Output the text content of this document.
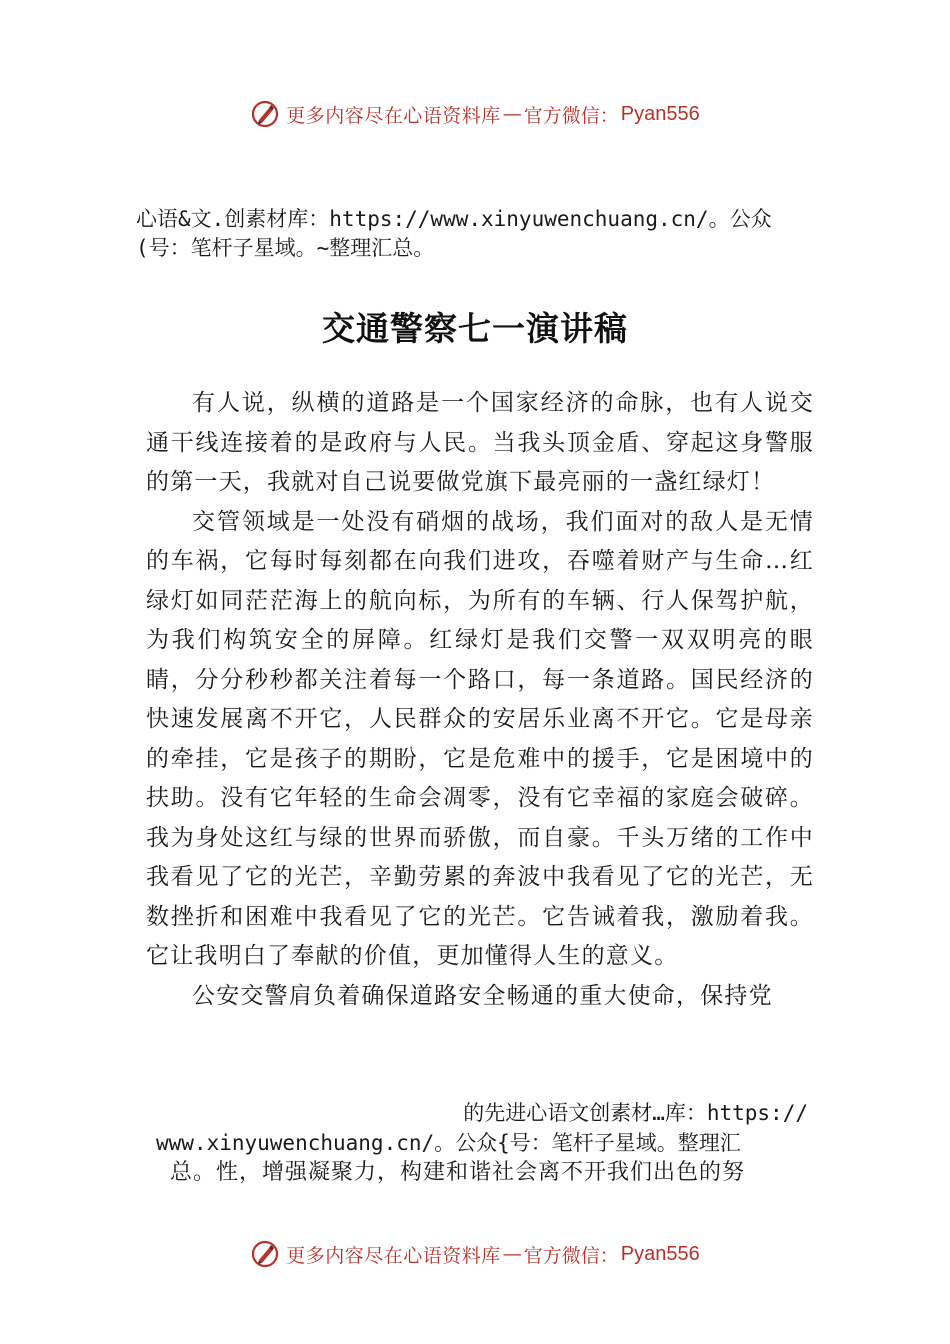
更多内容尽在心语资料库 — 官方微信： Pyan556
心语&文.创素材库：https://www.xinyuwenchuang.cn/。公众
(号：笔杆子星域。~整理汇总。
交通警察七一演讲稿

有人说，纵横的道路是一个国家经济的命脉，也有人说交通干线连接着的是政府与人民。当我头顶金盾、穿起这身警服的第一天，我就对自己说要做党旗下最亮丽的一盏红绿灯！

交管领域是一处没有硝烟的战场，我们面对的敌人是无情的车祸，它每时每刻都在向我们进攻，吞噬着财产与生命…红绿灯如同茫茫海上的航向标，为所有的车辆、行人保驾护航，为我们构筑安全的屏障。红绿灯是我们交警一双双明亮的眼睛，分分秒秒都关注着每一个路口，每一条道路。国民经济的快速发展离不开它，人民群众的安居乐业离不开它。它是母亲的牵挂，它是孩子的期盼，它是危难中的援手，它是困境中的扶助。没有它年轻的生命会凋零，没有它幸福的家庭会破碎。我为身处这红与绿的世界而骄傲，而自豪。千头万绪的工作中我看见了它的光芒，辛勤劳累的奔波中我看见了它的光芒，无数挫折和困难中我看见了它的光芒。它告诫着我，激励着我。它让我明白了奉献的价值，更加懂得人生的意义。

公安交警肩负着确保道路安全畅通的重大使命，保持党

的先进心语文创素材…库：https://
www.xinyuwenchuang.cn/。公众{号：笔杆子星域。整理汇
总。性，增强凝聚力，构建和谐社会离不开我们出色的努
更多内容尽在心语资料库 — 官方微信： Pyan556
